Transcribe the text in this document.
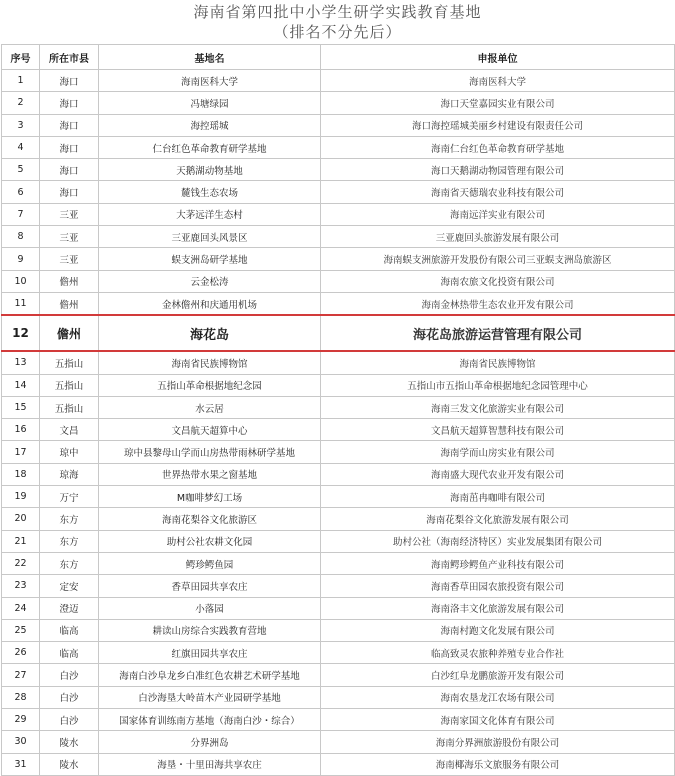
海南省第四批中小学生研学实践教育基地
（排名不分先后）
序号	所在市县	基地名	申报单位
1	海口	海南医科大学	海南医科大学
2	海口	冯塘绿园	海口天堂嘉园实业有限公司
3	海口	海控瑶城	海口海控瑶城美丽乡村建设有限责任公司
4	海口	仁台红色革命教育研学基地	海南仁台红色革命教育研学基地
5	海口	天鹅湖动物基地	海口天鹅湖动物园管理有限公司
6	海口	麓钱生态农场	海南省天德瑞农业科技有限公司
7	三亚	大茅远洋生态村	海南远洋实业有限公司
8	三亚	三亚鹿回头风景区	三亚鹿回头旅游发展有限公司
9	三亚	蜈支洲岛研学基地	海南蜈支洲旅游开发股份有限公司三亚蜈支洲岛旅游区
10	儋州	云金松涛	海南农旅文化投资有限公司
11	儋州	金林儋州和庆通用机场	海南金林热带生态农业开发有限公司
12	儋州	海花岛	海花岛旅游运营管理有限公司
13	五指山	海南省民族博物馆	海南省民族博物馆
14	五指山	五指山革命根据地纪念园	五指山市五指山革命根据地纪念园管理中心
15	五指山	水云居	海南三发文化旅游实业有限公司
16	文昌	文昌航天超算中心	文昌航天超算智慧科技有限公司
17	琼中	琼中县黎母山学而山房热带雨林研学基地	海南学而山房实业有限公司
18	琼海	世界热带水果之窗基地	海南盛大现代农业开发有限公司
19	万宁	M咖啡梦幻工场	海南茁冉咖啡有限公司
20	东方	海南花梨谷文化旅游区	海南花梨谷文化旅游发展有限公司
21	东方	助村公社农耕文化园	助村公社（海南经济特区）实业发展集团有限公司
22	东方	鳄珍鳄鱼园	海南鳄珍鳄鱼产业科技有限公司
23	定安	香草田园共享农庄	海南香草田园农旅投资有限公司
24	澄迈	小落园	海南洛丰文化旅游发展有限公司
25	临高	耕读山房综合实践教育营地	海南村跑文化发展有限公司
26	临高	红旗田园共享农庄	临高致灵农旅种养殖专业合作社
27	白沙	海南白沙阜龙乡白准红色农耕艺术研学基地	白沙红阜龙鹏旅游开发有限公司
28	白沙	白沙海垦大岭苗木产业园研学基地	海南农垦龙江农场有限公司
29	白沙	国家体育训练南方基地（海南白沙・综合）	海南家国文化体育有限公司
30	陵水	分界洲岛	海南分界洲旅游股份有限公司
31	陵水	海垦・十里田海共享农庄	海南椰海乐文旅服务有限公司
